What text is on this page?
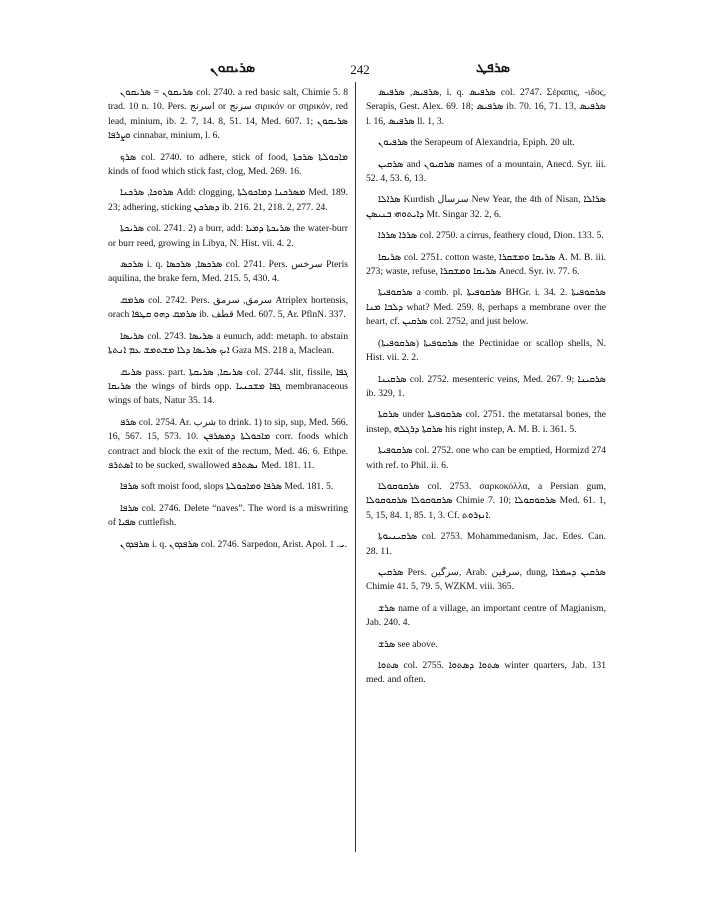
ܣܪܝܩܘܢ	242	ܣܪܦܛ

ܣܪܝܩܘܢ = ܣܪܝܩܘܢ col. 2740. a red basic salt, Chimie 5. 8 trad. 10 n. 10. Pers. اسرنج or سرنج σιρικόν or σηρικόν, red lead, minium, ib. 2. 7, 14. 8, 51. 14, Med. 607. 1; ܣܪܝܩܘܢ ܘܨܪܦܐ cinnabar, minium, l. 6.

ܣܪܟ col. 2740. to adhere, stick of food, ܡܐܟܘܠܬܐ ܣܪܟܬܐ kinds of food which stick fast, clog, Med. 269. 16.

ܣܪܘܟܐ, ܣܪܟܢܐ Add: clogging, ܡܣܪܟܢܐ ܕܡܐܟܘܠܬܐ Med. 189. 23; adhering, sticking ܕܣܪܟܢ ib. 216. 21, 218. 2, 277. 24.

ܣܪܝܟܬܐ col. 2741. 2) a burr, add: ܣܪܝܟܬܐ ܕܡܝܐ the water-burr or burr reed, growing in Libya, N. Hist. vii. 4. 2.

ܣܪܟܣ i. q. ܣܪܟܣܐ, ܣܪܟܣܐ col. 2741. Pers. سرخس Pteris aquilina, the brake fern, Med. 215. 5, 430. 4.

ܣܪܡܩ col. 2742. Pers. سرمق, سرمق Atriplex hortensis, orach ܣܪܡܩ ܕܗܘ ܩܛܦܐ ib. قطف Med. 607. 5, Ar. PflnN. 337.

ܣܪܝܣܐ col. 2743. ܣܪܝܣܐ a eunuch, add: metaph. to abstain ܐܝܟ ܣܪܝܣܐ ܕܠܐ ܡܫܬܡܫ ܥܡ ܐܢܬܬܐ Gaza MS. 218 a, Maclean.

ܣܪܝܩ pass. part. ܣܪܝܩܐ, ܣܪܝܩܬܐ col. 2744. slit, fissile, ܓܦܐ ܣܪܝܩܐ the wings of birds opp. ܓܦܐ ܡܫܟܢܝܐ membranaceous wings of bats, Natur 35. 14.

ܣܪܦ col. 2754. Ar. شرب to drink. 1) to sip, sup, Med. 566. 16, 567. 15, 573. 10. ܡܐܟܘܠܬܐ ܕܡܣܪܦܢ corr. foods which contract and block the exit of the rectum, Med. 46. 6. Ethpe. ܐܣܬܪܦ to be sucked, swallowed ܢܣܬܪܦ Med. 181. 11.

ܣܪܦܐ soft moist food, slops ܣܪܦܐ ܘܡܐܟܘܠܬܐ Med. 181. 5.

ܣܪܦܐ col. 2746. Delete “naves”. The word is a miswriting of ܣܦܝܐ cuttlefish.

ܣܪܦܕܘܢ i. q. ܣܪܦܕܘܢ col. 2746. Sarpedon, Arist. Apol. ܝ. 1.

ܣܪܦܝܣ, ܣܪܦܝܣ, i. q. ܣܪܦܝܣ col. 2747. Σέραπις, -ιδος, Serapis, Gest. Alex. 69. 18; ܣܪܦܝܣ ib. 70. 16, 71. 13, ܣܪܦܝܣ l. 16, ܣܪܦܝܣ ll. 1, 3.

ܣܪܦܝܘܢ the Serapeum of Alexandria, Epiph. 20 ult.

ܣܪܩܝܢ and ܣܪܩܝܘܢ names of a mountain, Anecd. Syr. iii. 52. 4, 53. 6, 13.

ܣܪܐܠܐ Kurdish سرسال New Year, the 4th of Nisan, ܣܪܐܠܐ ܕܐܝܬܘܗܝ ܒܢܝܣܢ Mt. Singar 32. 2, 6.

ܣܪܪܐ ܣܪܪܐ col. 2750. a cirrus, feathery cloud, Dion. 133. 5.

ܣܪܝܩܐ col. 2751. cotton waste, ܣܪܝܩܐ ܘܡܫܩܪܐ A. M. B. iii. 273; waste, refuse, ܣܪܝܩܐ ܘܡܫܩܪܐ Anecd. Syr. iv. 77. 6.

ܣܪܩܘܦܝܬܐ a comb. pl. ܣܪܩܘܦܝܬܐ BHGr. i. 34. 2. ܣܪܩܘܦܝܬܐ ܕܠܒܐ ܡܢܐ what? Med. 259. 8, perhaps a membrane over the heart, cf. ܣܪܩܝܢ col. 2752, and just below.

ܣܪܩܘܦܝܬܐ (ܣܪܩܘܦܝܬܐ) the Pectinidae or scallop shells, N. Hist. vii. 2. 2.

ܣܪܩܝܢܐ col. 2752. mesenteric veins, Med. 267. 9; ܣܪܩܝܢܐ ib. 329, 1.

ܣܪܩܬܐ under ܣܪܩܘܦܝܬܐ col. 2751. the metatarsal bones, the instep, ܣܪܩܬܐ ܕܪܓܠܗ his right instep, A. M. B. i. 361. 5.

ܣܪܩܘܦܝܬܐ col. 2752. one who can be emptied, Hormizd 274 with ref. to Phil. ii. 6.

ܣܪܩܘܩܘܠܐ col. 2753. σαρκοκόλλα, a Persian gum, ܣܪܩܘܩܘܠܐ ܣܪܩܘܩܘܠܐ Chimie 7. 10; ܣܪܩܘܩܘܠܐ Med. 61. 1, 5, 15, 84. 1, 85. 1, 3. Cf. ܐܢܙܪܘܬ.

ܣܪܩܝܢܝܘܬܐ col. 2753. Mohammedanism, Jac. Edes. Can. 28. 11.

ܣܪܩܝܢ Pers. سرگين, Arab. سرقين, dung, ܣܪܩܝܢ ܕܚܡܪܐ Chimie 41. 5, 79. 5, WZKM. viii. 365.

ܣܪܫ name of a village, an important centre of Magianism, Jab. 240. 4.

ܣܪܫ see above.

ܣܬܘܐ col. 2755. ܣܬܘܐ ܕܣܬܘܐ winter quarters, Jab. 131 med. and often.
